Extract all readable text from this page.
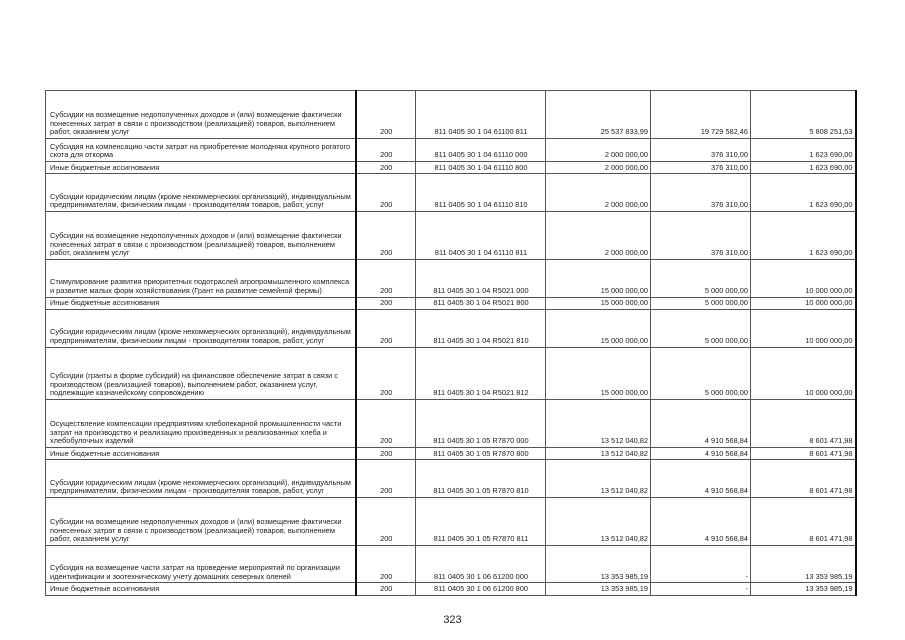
Субсидии на возмещение недополученных доходов и (или) возмещение фактически понесенных затрат в связи с производством (реализацией) товаров, выполнением работ, оказанием услуг	200	811 0405 30 1 04 61100 811	25 537 833,99	19 729 582,46	5 808 251,53
Субсидия на компенсацию части затрат на приобретение молодняка крупного рогатого скота для откорма	200	811 0405 30 1 04 61110 000	2 000 000,00	376 310,00	1 623 690,00
Иные бюджетные ассигнования	200	811 0405 30 1 04 61110 800	2 000 000,00	376 310,00	1 623 690,00
Субсидии юридическим лицам (кроме некоммерческих организаций), индивидуальным предпринимателям, физическим лицам - производителям товаров, работ, услуг	200	811 0405 30 1 04 61110 810	2 000 000,00	376 310,00	1 623 690,00
Субсидии на возмещение недополученных доходов и (или) возмещение фактически понесенных затрат в связи с производством (реализацией) товаров, выполнением работ, оказанием услуг	200	811 0405 30 1 04 61110 811	2 000 000,00	376 310,00	1 623 690,00
Стимулирование развития приоритетных подотраслей агропромышленного комплекса и развитие малых форм хозяйствования (Грант на развитие семейной фермы)	200	811 0405 30 1 04 R5021 000	15 000 000,00	5 000 000,00	10 000 000,00
Иные бюджетные ассигнования	200	811 0405 30 1 04 R5021 800	15 000 000,00	5 000 000,00	10 000 000,00
Субсидии юридическим лицам (кроме некоммерческих организаций), индивидуальным предпринимателям, физическим лицам - производителям товаров, работ, услуг	200	811 0405 30 1 04 R5021 810	15 000 000,00	5 000 000,00	10 000 000,00
Субсидии (гранты в форме субсидий) на финансовое обеспечение затрат в связи с производством (реализацией товаров), выполнением работ, оказанием услуг, подлежащие казначейскому сопровождению	200	811 0405 30 1 04 R5021 812	15 000 000,00	5 000 000,00	10 000 000,00
Осуществление компенсации предприятиям хлебопекарной промышленности части затрат на производство и реализацию произведенных и реализованных хлеба и хлебобулочных изделий	200	811 0405 30 1 05 R7870 000	13 512 040,82	4 910 568,84	8 601 471,98
Иные бюджетные ассигнования	200	811 0405 30 1 05 R7870 800	13 512 040,82	4 910 568,84	8 601 471,98
Субсидии юридическим лицам (кроме некоммерческих организаций), индивидуальным предпринимателям, физическим лицам - производителям товаров, работ, услуг	200	811 0405 30 1 05 R7870 810	13 512 040,82	4 910 568,84	8 601 471,98
Субсидии на возмещение недополученных доходов и (или) возмещение фактически понесенных затрат в связи с производством (реализацией) товаров, выполнением работ, оказанием услуг	200	811 0405 30 1 05 R7870 811	13 512 040,82	4 910 568,84	8 601 471,98
Субсидия на возмещение части затрат на проведение мероприятий по организации идентификации и зоотехническому учету домашних северных оленей	200	811 0405 30 1 06 61200 000	13 353 985,19	-	13 353 985,19
Иные бюджетные ассигнования	200	811 0405 30 1 06 61200 800	13 353 985,19	-	13 353 985,19
323
